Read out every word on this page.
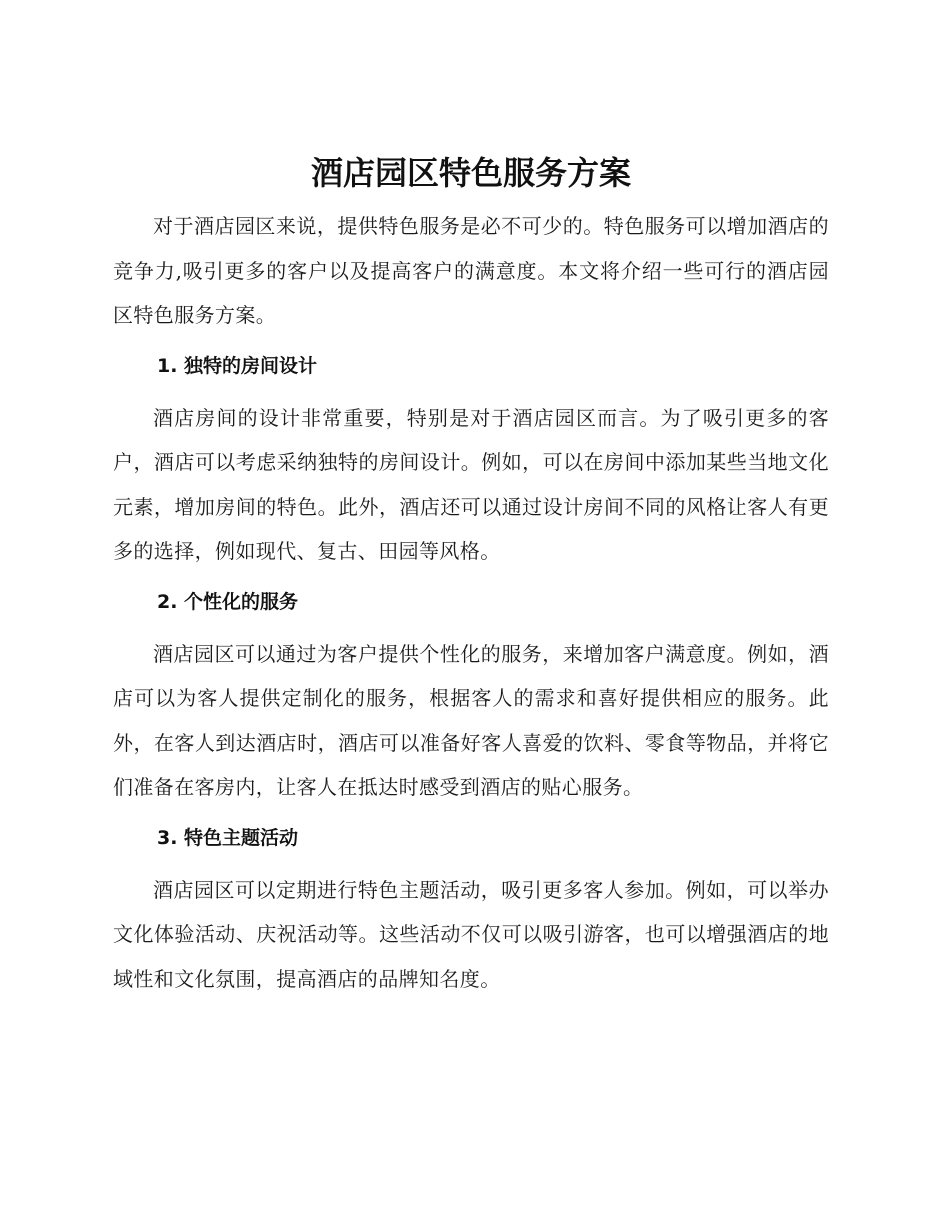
酒店园区特色服务方案

对于酒店园区来说，提供特色服务是必不可少的。特色服务可以增加酒店的竞争力,吸引更多的客户以及提高客户的满意度。本文将介绍一些可行的酒店园区特色服务方案。

1. 独特的房间设计

酒店房间的设计非常重要，特别是对于酒店园区而言。为了吸引更多的客户，酒店可以考虑采纳独特的房间设计。例如，可以在房间中添加某些当地文化元素，增加房间的特色。此外，酒店还可以通过设计房间不同的风格让客人有更多的选择，例如现代、复古、田园等风格。

2. 个性化的服务

酒店园区可以通过为客户提供个性化的服务，来增加客户满意度。例如，酒店可以为客人提供定制化的服务，根据客人的需求和喜好提供相应的服务。此外，在客人到达酒店时，酒店可以准备好客人喜爱的饮料、零食等物品，并将它们准备在客房内，让客人在抵达时感受到酒店的贴心服务。

3. 特色主题活动

酒店园区可以定期进行特色主题活动，吸引更多客人参加。例如，可以举办文化体验活动、庆祝活动等。这些活动不仅可以吸引游客，也可以增强酒店的地域性和文化氛围，提高酒店的品牌知名度。
